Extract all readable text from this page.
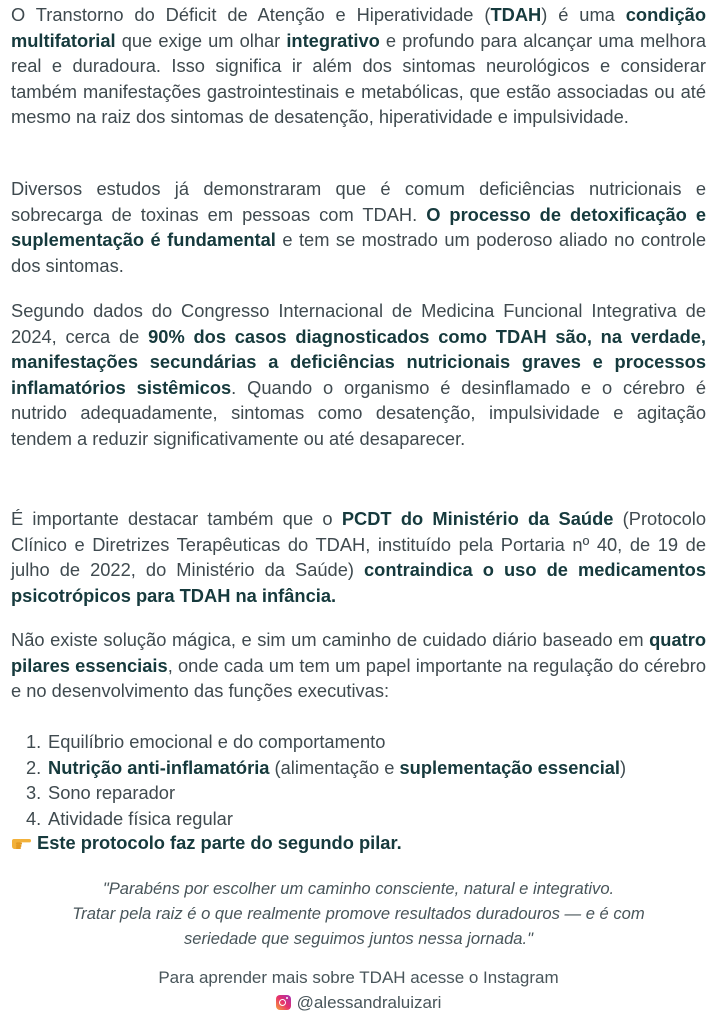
O Transtorno do Déficit de Atenção e Hiperatividade (TDAH) é uma condição multifatorial que exige um olhar integrativo e profundo para alcançar uma melhora real e duradoura. Isso significa ir além dos sintomas neurológicos e considerar também manifestações gastrointestinais e metabólicas, que estão associadas ou até mesmo na raiz dos sintomas de desatenção, hiperatividade e impulsividade.

Diversos estudos já demonstraram que é comum deficiências nutricionais e sobrecarga de toxinas em pessoas com TDAH. O processo de detoxificação e suplementação é fundamental e tem se mostrado um poderoso aliado no controle dos sintomas.

Segundo dados do Congresso Internacional de Medicina Funcional Integrativa de 2024, cerca de 90% dos casos diagnosticados como TDAH são, na verdade, manifestações secundárias a deficiências nutricionais graves e processos inflamatórios sistêmicos. Quando o organismo é desinflamado e o cérebro é nutrido adequadamente, sintomas como desatenção, impulsividade e agitação tendem a reduzir significativamente ou até desaparecer.

É importante destacar também que o PCDT do Ministério da Saúde (Protocolo Clínico e Diretrizes Terapêuticas do TDAH, instituído pela Portaria nº 40, de 19 de julho de 2022, do Ministério da Saúde) contraindica o uso de medicamentos psicotrópicos para TDAH na infância.

Não existe solução mágica, e sim um caminho de cuidado diário baseado em quatro pilares essenciais, onde cada um tem um papel importante na regulação do cérebro e no desenvolvimento das funções executivas:

1. Equilíbrio emocional e do comportamento
2. Nutrição anti-inflamatória (alimentação e suplementação essencial)
3. Sono reparador
4. Atividade física regular
Este protocolo faz parte do segundo pilar.
"Parabéns por escolher um caminho consciente, natural e integrativo.
Tratar pela raiz é o que realmente promove resultados duradouros — e é com
seriedade que seguimos juntos nessa jornada."
Para aprender mais sobre TDAH acesse o Instagram
@alessandraluizari
